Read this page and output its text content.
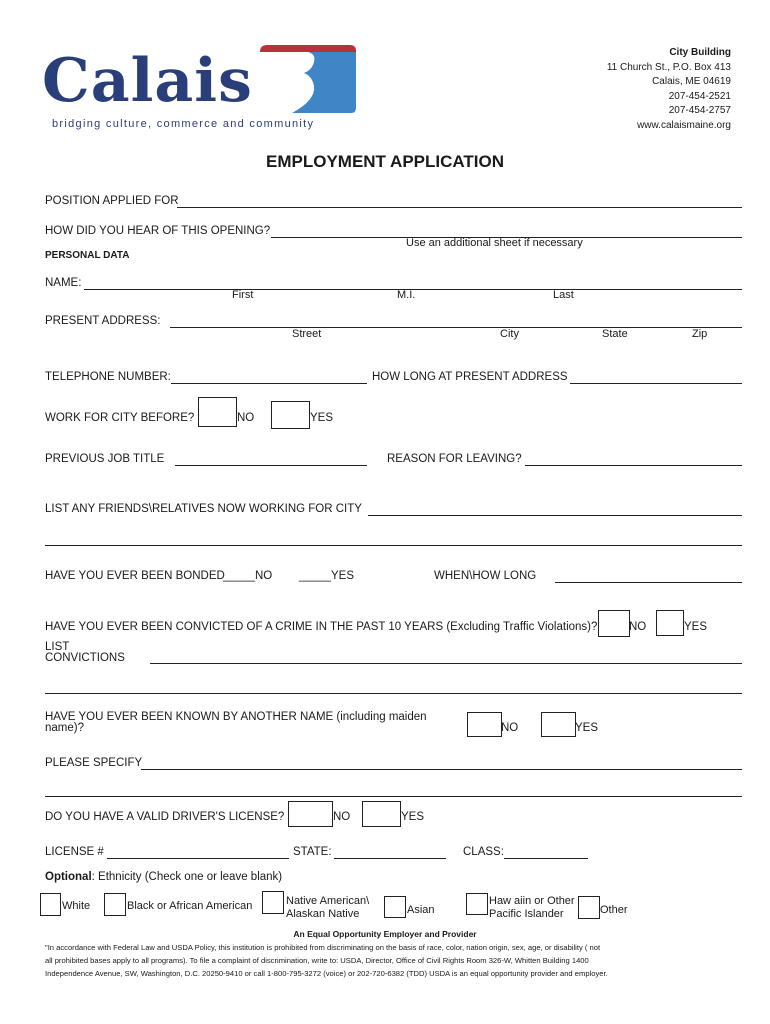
Calais
bridging culture, commerce and community
City Building
11 Church St., P.O. Box 413
Calais, ME 04619
207-454-2521
207-454-2757
www.calaismaine.org
EMPLOYMENT APPLICATION
POSITION APPLIED FOR
HOW DID YOU HEAR OF THIS OPENING?
Use an additional sheet if necessary
PERSONAL DATA
NAME:
First	M.I.	Last
PRESENT ADDRESS:
Street	City	State	Zip
TELEPHONE NUMBER:	HOW LONG AT PRESENT ADDRESS
WORK FOR CITY BEFORE?	NO	YES
PREVIOUS JOB TITLE	REASON FOR LEAVING?
LIST ANY FRIENDS\RELATIVES NOW WORKING FOR CITY
HAVE YOU EVER BEEN BONDED
_____NO _____YES	WHEN\HOW LONG
HAVE YOU EVER BEEN CONVICTED OF A CRIME IN THE PAST 10 YEARS (Excluding Traffic Violations)?	NO	YES
LIST
CONVICTIONS
HAVE YOU EVER BEEN KNOWN BY ANOTHER NAME (including maiden
name)?	NO	YES
PLEASE SPECIFY
DO YOU HAVE A VALID DRIVER'S LICENSE?	NO	YES
LICENSE #	STATE:	CLASS:
Optional: Ethnicity (Check one or leave blank)
White	Black or African American	Native American\
Alaskan Native	Asian
Haw aiin or Other
Pacific Islander	Other
An Equal Opportunity Employer and Provider
"In accordance with Federal Law and USDA Policy, this institution is prohibited from discriminating on the basis of race, color, nation origin, sex, age, or disability ( not
all prohibited bases apply to all programs). To file a complaint of discrimination, write to: USDA, Director, Office of Civil Rights Room 326-W, Whitten Building 1400
Independence Avenue, SW, Washington, D.C. 20250-9410 or call 1-800-795-3272 (voice) or 202-720-6382 (TDD) USDA is an equal opportunity provider and employer.
